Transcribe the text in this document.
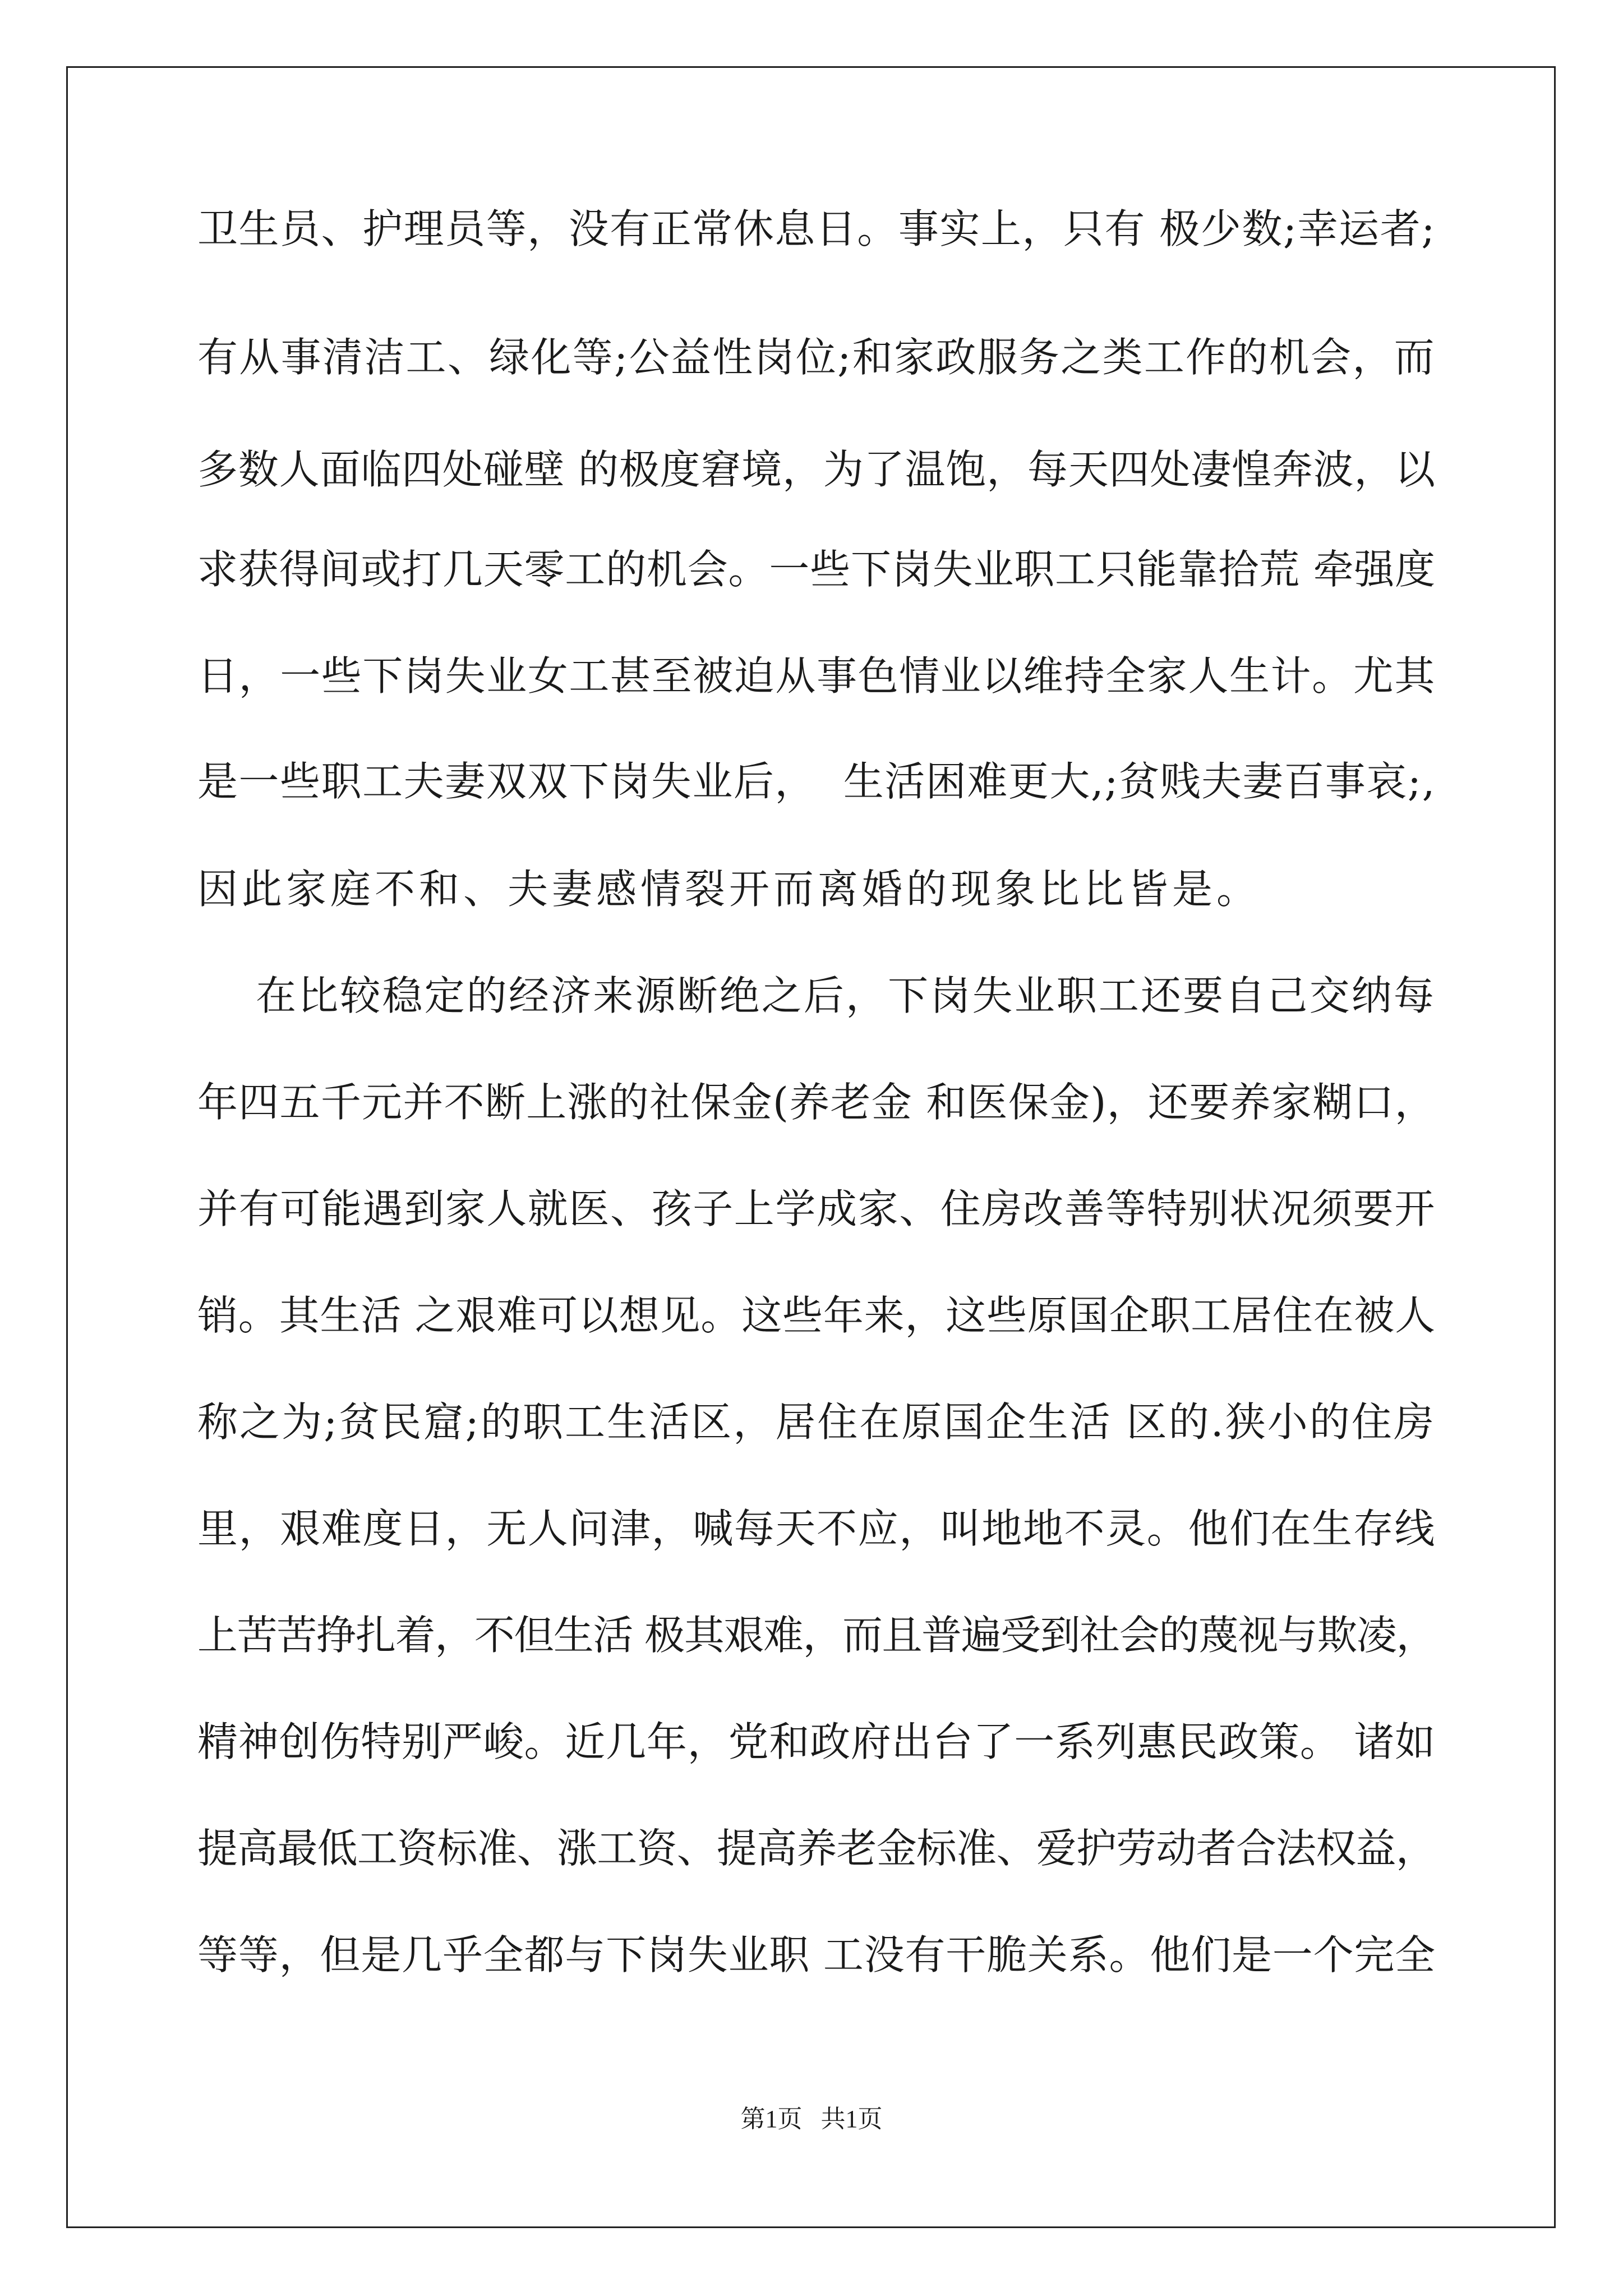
卫生员、护理员等，没有正常休息日。事实上，只有 极少数;幸运者;
有从事清洁工、绿化等;公益性岗位;和家政服务之类工作的机会，而
多数人面临四处碰壁 的极度窘境，为了温饱，每天四处凄惶奔波，以
求获得间或打几天零工的机会。一些下岗失业职工只能靠拾荒 牵强度
日，一些下岗失业女工甚至被迫从事色情业以维持全家人生计。尤其
是一些职工夫妻双双下岗失业后，  生活困难更大,;贫贱夫妻百事哀;,
因此家庭不和、夫妻感情裂开而离婚的现象比比皆是。
在比较稳定的经济来源断绝之后，下岗失业职工还要自己交纳每
年四五千元并不断上涨的社保金(养老金 和医保金)，还要养家糊口，
并有可能遇到家人就医、孩子上学成家、住房改善等特别状况须要开
销。其生活 之艰难可以想见。这些年来，这些原国企职工居住在被人
称之为;贫民窟;的职工生活区，居住在原国企生活 区的.狭小的住房
里，艰难度日，无人问津，喊每天不应，叫地地不灵。他们在生存线
上苦苦挣扎着，不但生活 极其艰难，而且普遍受到社会的蔑视与欺凌，
精神创伤特别严峻。近几年，党和政府出台了一系列惠民政策。 诸如
提高最低工资标准、涨工资、提高养老金标准、爱护劳动者合法权益，
等等，但是几乎全都与下岗失业职 工没有干脆关系。他们是一个完全
第1页   共1页
